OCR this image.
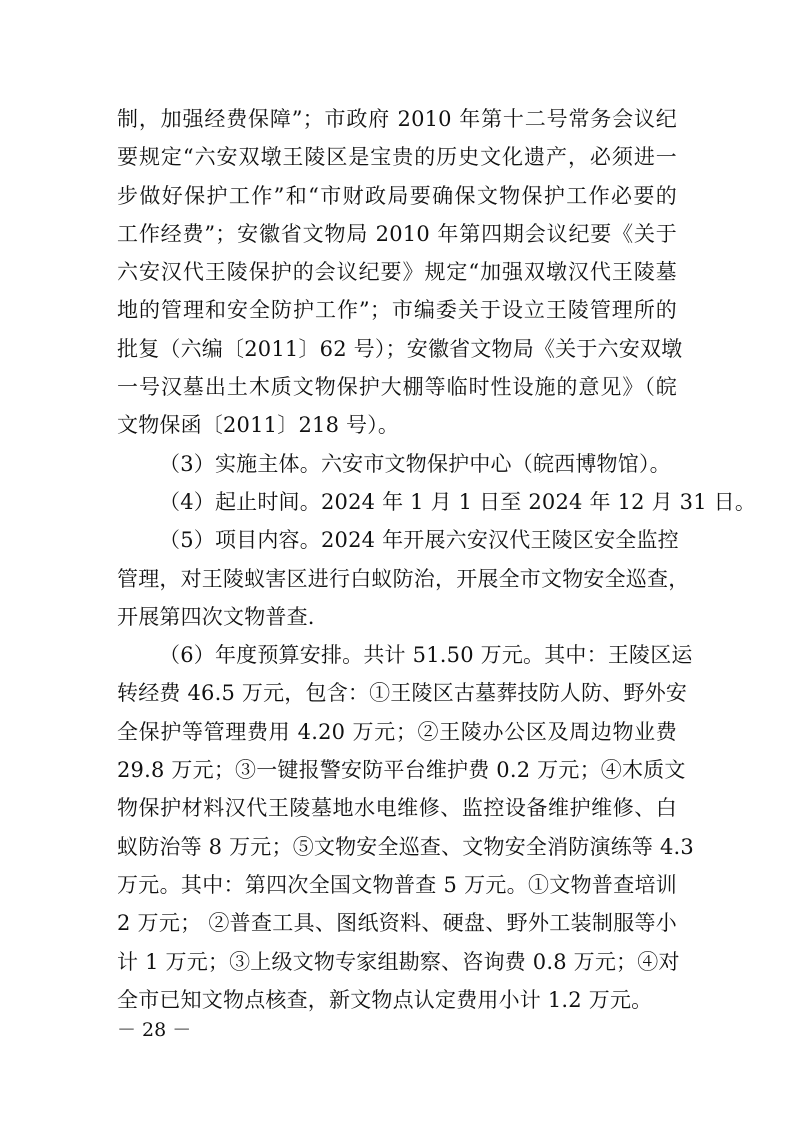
制，加强经费保障”；市政府 2010 年第十二号常务会议纪
要规定“六安双墩王陵区是宝贵的历史文化遗产，必须进一
步做好保护工作”和“市财政局要确保文物保护工作必要的
工作经费”；安徽省文物局 2010 年第四期会议纪要《关于
六安汉代王陵保护的会议纪要》规定“加强双墩汉代王陵墓
地的管理和安全防护工作”；市编委关于设立王陵管理所的
批复（六编〔2011〕62 号）；安徽省文物局《关于六安双墩
一号汉墓出土木质文物保护大棚等临时性设施的意见》（皖
文物保函〔2011〕218 号）。
（3）实施主体。六安市文物保护中心（皖西博物馆）。
（4）起止时间。2024 年 1 月 1 日至 2024 年 12 月 31 日。
（5）项目内容。2024 年开展六安汉代王陵区安全监控
管理，对王陵蚁害区进行白蚁防治，开展全市文物安全巡查，
开展第四次文物普查.
（6）年度预算安排。共计 51.50 万元。其中：王陵区运
转经费 46.5 万元，包含：①王陵区古墓葬技防人防、野外安
全保护等管理费用 4.20 万元；②王陵办公区及周边物业费
29.8 万元；③一键报警安防平台维护费 0.2 万元；④木质文
物保护材料汉代王陵墓地水电维修、监控设备维护维修、白
蚁防治等 8 万元；⑤文物安全巡查、文物安全消防演练等 4.3
万元。其中：第四次全国文物普查 5 万元。①文物普查培训
2 万元； ②普查工具、图纸资料、硬盘、野外工装制服等小
计 1 万元；③上级文物专家组勘察、咨询费 0.8 万元；④对
全市已知文物点核查，新文物点认定费用小计 1.2 万元。
－ 28 －
